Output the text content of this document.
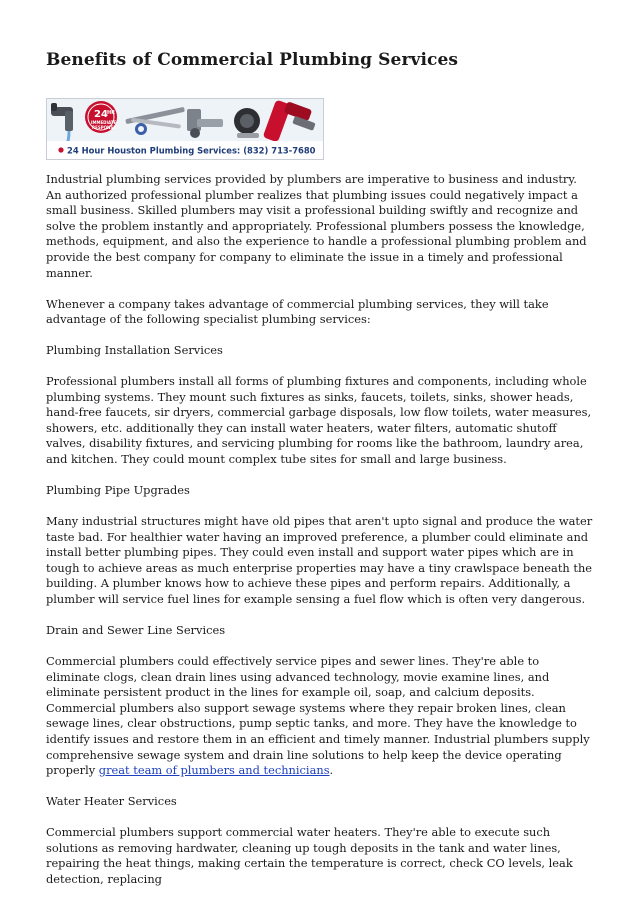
Benefits of Commercial Plumbing Services
24 HR
IMMEDIATE
RESPONSE
24 Hour Houston Plumbing Services: (832) 713-7680

Industrial plumbing services provided by plumbers are imperative to business and industry. An authorized professional plumber realizes that plumbing issues could negatively impact a small business. Skilled plumbers may visit a professional building swiftly and recognize and solve the problem instantly and appropriately. Professional plumbers possess the knowledge, methods, equipment, and also the experience to handle a professional plumbing problem and provide the best company for company to eliminate the issue in a timely and professional manner.

Whenever a company takes advantage of commercial plumbing services, they will take advantage of the following specialist plumbing services:

Plumbing Installation Services

Professional plumbers install all forms of plumbing fixtures and components, including whole plumbing systems. They mount such fixtures as sinks, faucets, toilets, sinks, shower heads, hand-free faucets, sir dryers, commercial garbage disposals, low flow toilets, water measures, showers, etc. additionally they can install water heaters, water filters, automatic shutoff valves, disability fixtures, and servicing plumbing for rooms like the bathroom, laundry area, and kitchen. They could mount complex tube sites for small and large business.

Plumbing Pipe Upgrades

Many industrial structures might have old pipes that aren't upto signal and produce the water taste bad. For healthier water having an improved preference, a plumber could eliminate and install better plumbing pipes. They could even install and support water pipes which are in tough to achieve areas as much enterprise properties may have a tiny crawlspace beneath the building. A plumber knows how to achieve these pipes and perform repairs. Additionally, a plumber will service fuel lines for example sensing a fuel flow which is often very dangerous.

Drain and Sewer Line Services

Commercial plumbers could effectively service pipes and sewer lines. They're able to eliminate clogs, clean drain lines using advanced technology, movie examine lines, and eliminate persistent product in the lines for example oil, soap, and calcium deposits. Commercial plumbers also support sewage systems where they repair broken lines, clean sewage lines, clear obstructions, pump septic tanks, and more. They have the knowledge to identify issues and restore them in an efficient and timely manner. Industrial plumbers supply comprehensive sewage system and drain line solutions to help keep the device operating properly great team of plumbers and technicians.

Water Heater Services

Commercial plumbers support commercial water heaters. They're able to execute such solutions as removing hardwater, cleaning up tough deposits in the tank and water lines, repairing the heat things, making certain the temperature is correct, check CO levels, leak detection, replacing
